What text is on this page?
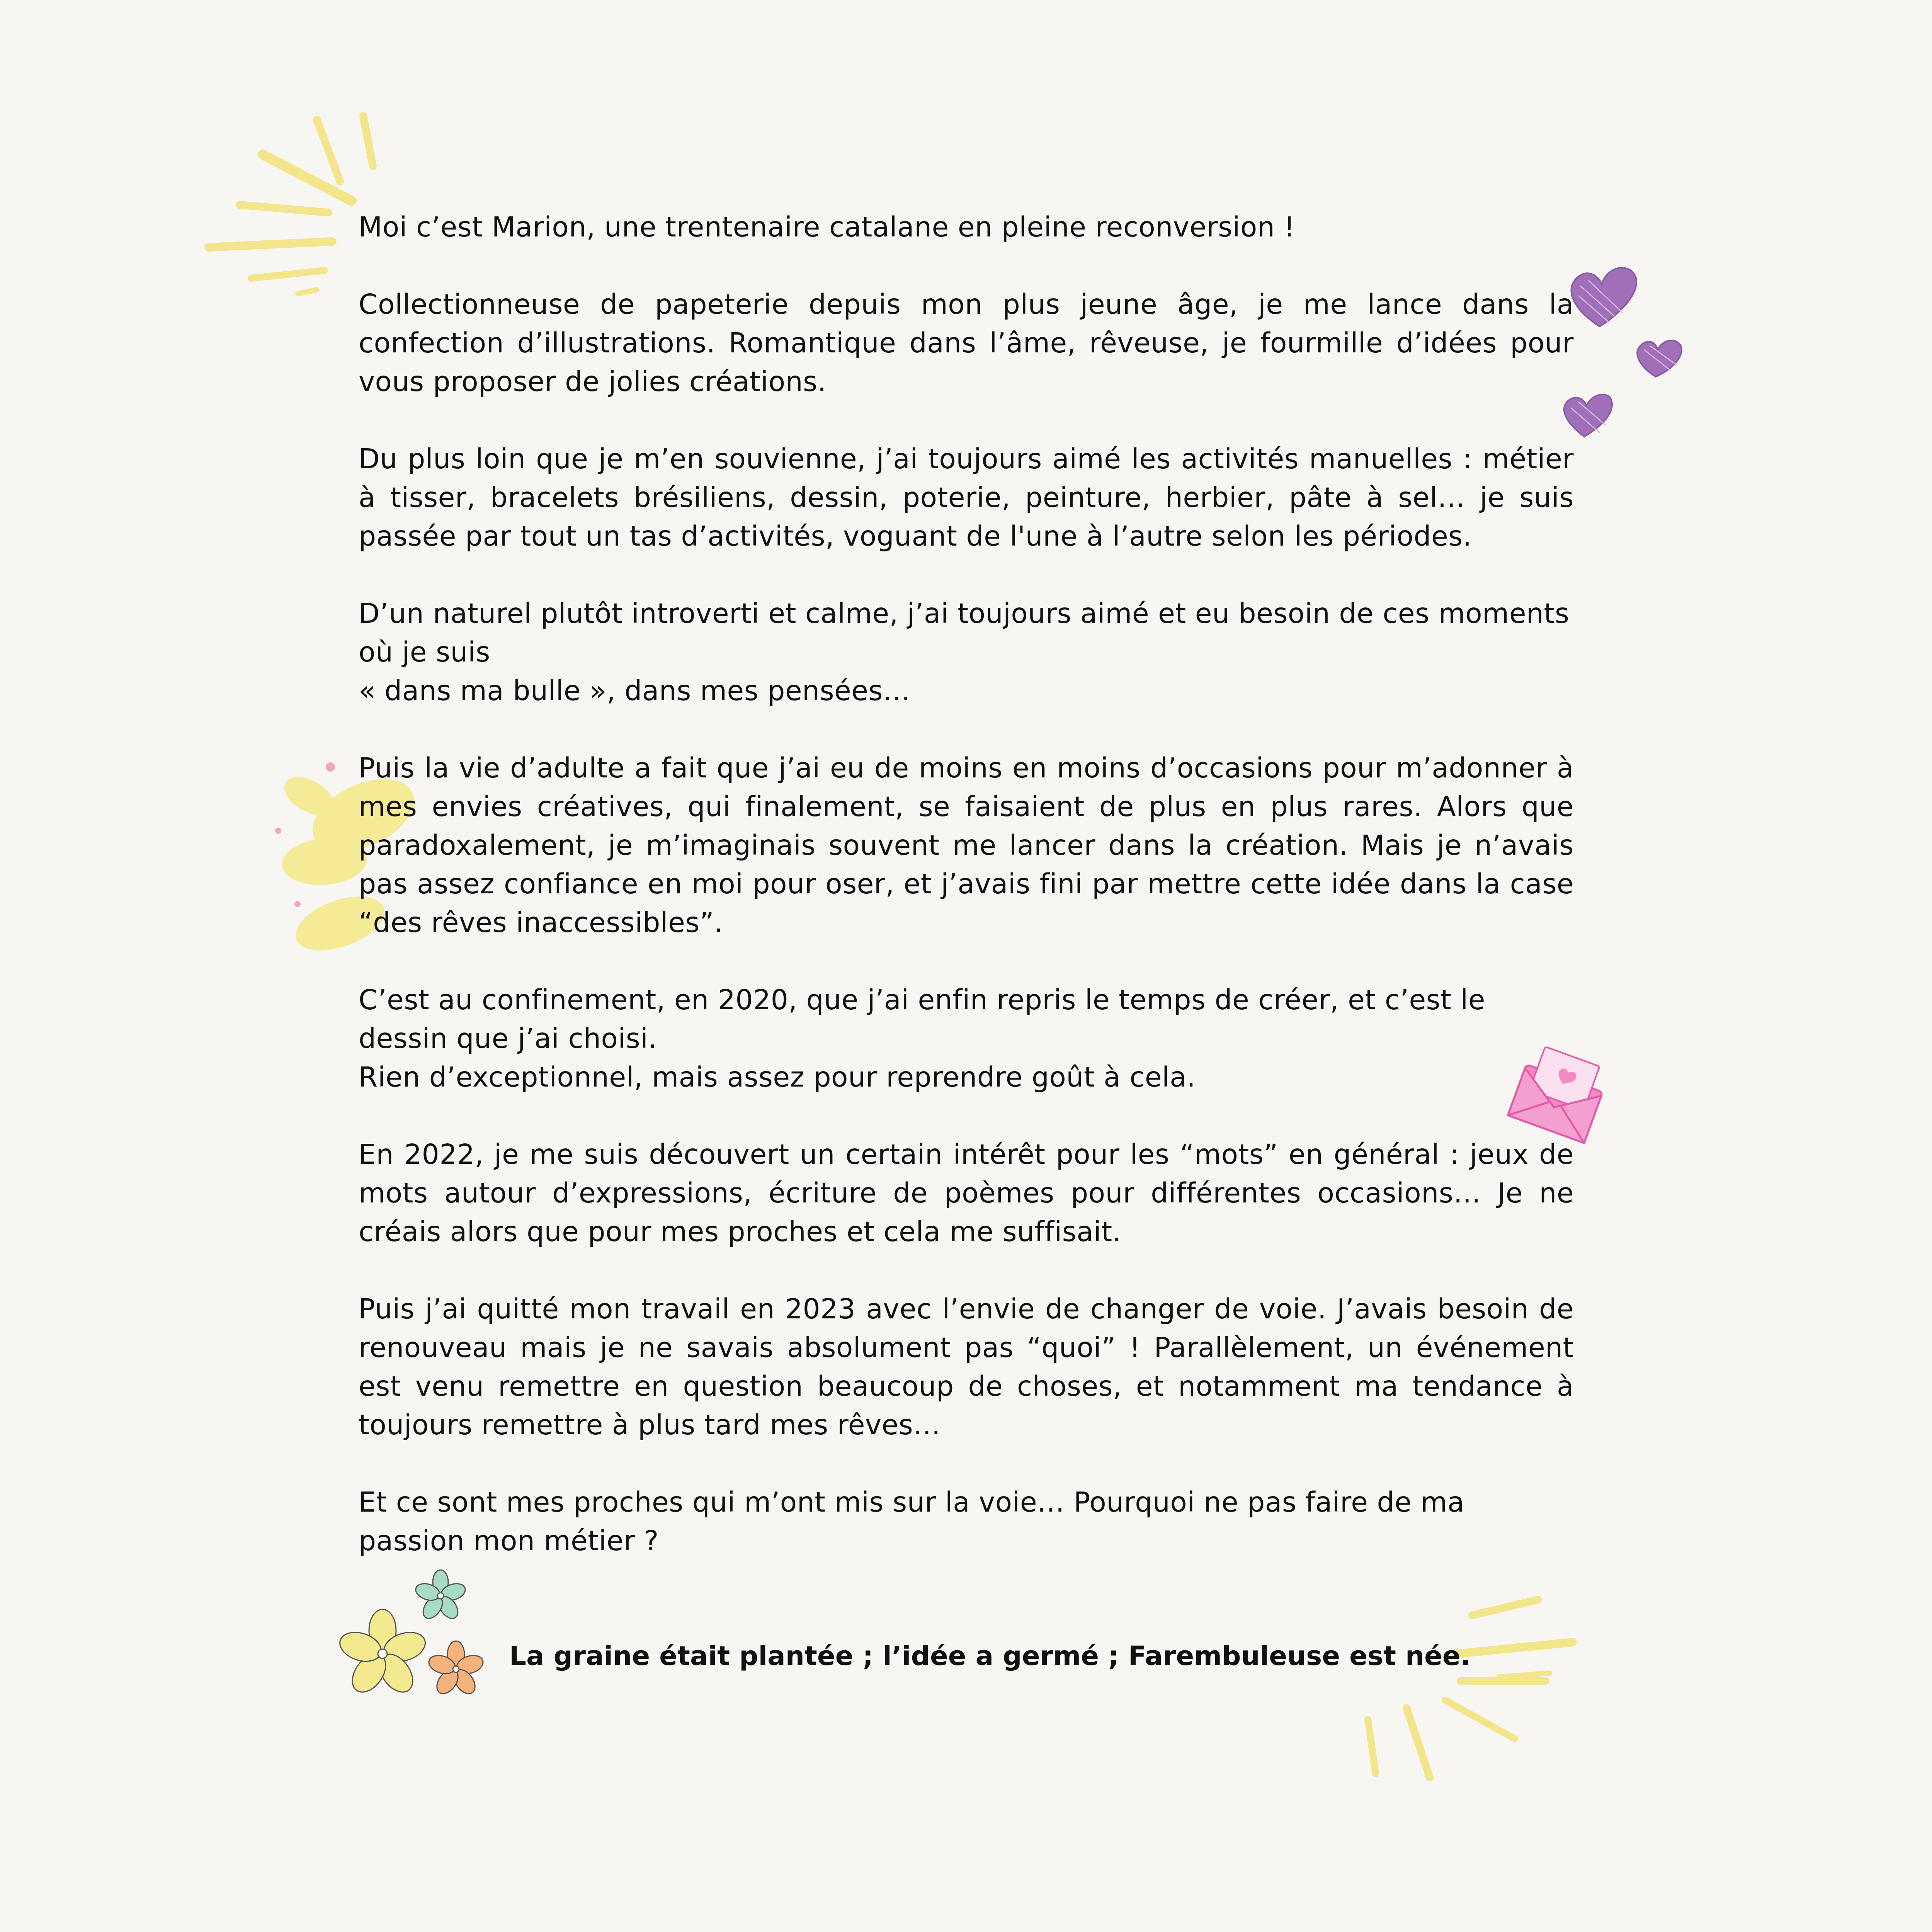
Moi c’est Marion, une trentenaire catalane en pleine reconversion !

Collectionneuse de papeterie depuis mon plus jeune âge, je me lance dans la confection d’illustrations. Romantique dans l’âme, rêveuse, je fourmille d’idées pour vous proposer de jolies créations.

Du plus loin que je m’en souvienne, j’ai toujours aimé les activités manuelles : métier à tisser, bracelets brésiliens, dessin, poterie, peinture, herbier, pâte à sel… je suis passée par tout un tas d’activités, voguant de l'une à l’autre selon les périodes.

D’un naturel plutôt introverti et calme, j’ai toujours aimé et eu besoin de ces moments où je suis
« dans ma bulle », dans mes pensées…

Puis la vie d’adulte a fait que j’ai eu de moins en moins d’occasions pour m’adonner à mes envies créatives, qui finalement, se faisaient de plus en plus rares. Alors que paradoxalement, je m’imaginais souvent me lancer dans la création. Mais je n’avais pas assez confiance en moi pour oser, et j’avais fini par mettre cette idée dans la case “des rêves inaccessibles”.

C’est au confinement, en 2020, que j’ai enfin repris le temps de créer, et c’est le dessin que j’ai choisi.
Rien d’exceptionnel, mais assez pour reprendre goût à cela.

En 2022, je me suis découvert un certain intérêt pour les “mots” en général : jeux de mots autour d’expressions, écriture de poèmes pour différentes occasions… Je ne créais alors que pour mes proches et cela me suffisait.

Puis j’ai quitté mon travail en 2023 avec l’envie de changer de voie. J’avais besoin de renouveau mais je ne savais absolument pas “quoi” ! Parallèlement, un événement est venu remettre en question beaucoup de choses, et notamment ma tendance à toujours remettre à plus tard mes rêves…

Et ce sont mes proches qui m’ont mis sur la voie… Pourquoi ne pas faire de ma passion mon métier ?

La graine était plantée ; l’idée a germé ; Farembuleuse est née.
